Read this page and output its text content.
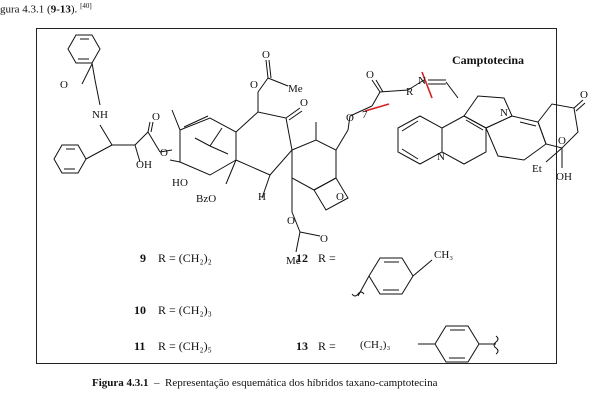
gura 4.3.1 (9-13). [40]
O
NH
OH
O
O
HO
BzO
O
O
Me
O
H	O
O
O
Me
O 7
O
R
N
N
N
O
O
Et
OH
Camptotecina
9 R = (CH₂)₂
10 R = (CH₂)₃
11 R = (CH₂)₅
12 R =
13 R =
CH₃
(CH₂)₃
Figura 4.3.1  –  Representação esquemática dos híbridos taxano-camptotecina
